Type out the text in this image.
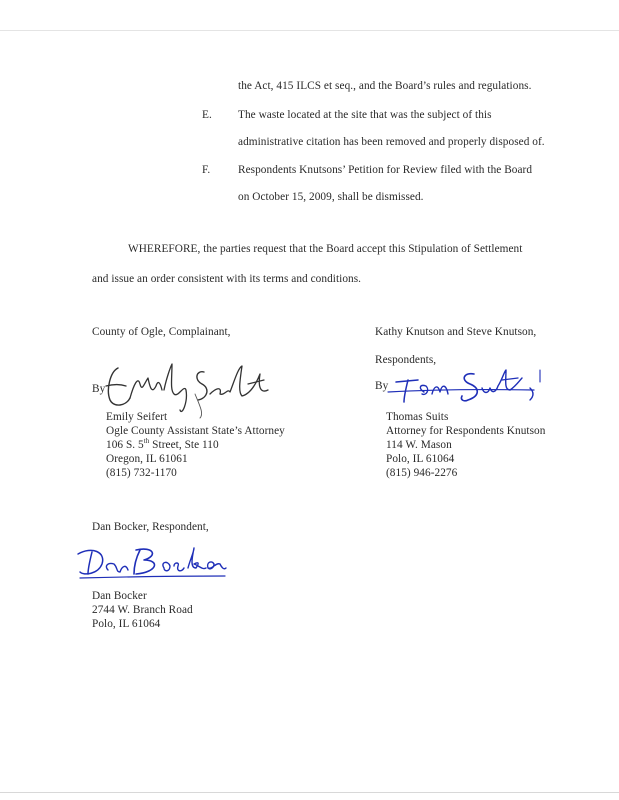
the Act, 415 ILCS et seq., and the Board’s rules and regulations.
E. The waste located at the site that was the subject of this
administrative citation has been removed and properly disposed of.
F. Respondents Knutsons’ Petition for Review filed with the Board
on October 15, 2009, shall be dismissed.
WHEREFORE, the parties request that the Board accept this Stipulation of Settlement
and issue an order consistent with its terms and conditions.
County of Ogle, Complainant,
By
Emily Seifert
Ogle County Assistant State’s Attorney
106 S. 5th Street, Ste 110
Oregon, IL 61061
(815) 732-1170
Kathy Knutson and Steve Knutson,
Respondents,
By
Thomas Suits
Attorney for Respondents Knutson
114 W. Mason
Polo, IL 61064
(815) 946-2276
Dan Bocker, Respondent,
Dan Bocker
2744 W. Branch Road
Polo, IL 61064
